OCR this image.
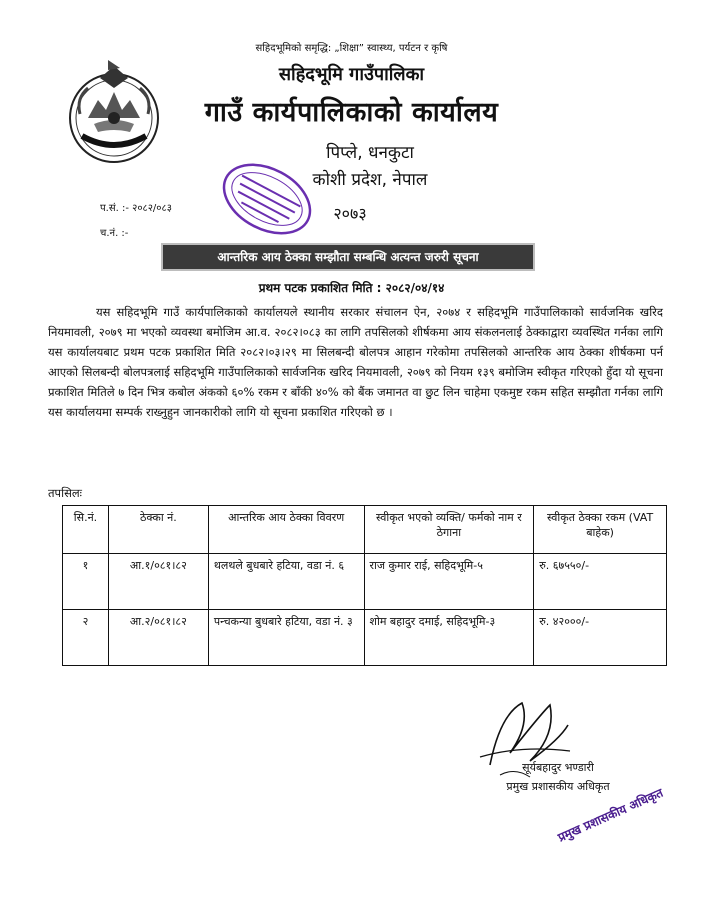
सहिदभूमिको समृद्धि: „शिक्षा” स्वास्थ्य, पर्यटन र कृषि
सहिदभूमि गाउँपालिका
गाउँ कार्यपालिकाको कार्यालय
पिप्ले, धनकुटा
कोशी प्रदेश, नेपाल
२०७३
प.सं. :- २०८२/०८३
च.नं. :-
आन्तरिक आय ठेक्का सम्झौता सम्बन्धि अत्यन्त जरुरी सूचना
प्रथम पटक प्रकाशित मिति : २०८२/०४/१४

यस सहिदभूमि गाउँ कार्यपालिकाको कार्यालयले स्थानीय सरकार संचालन ऐन, २०७४ र सहिदभूमि गाउँपालिकाको सार्वजनिक खरिद नियमावली, २०७९ मा भएको व्यवस्था बमोजिम आ.व. २०८२।०८३ का लागि तपसिलको शीर्षकमा आय संकलनलाई ठेक्काद्वारा व्यवस्थित गर्नका लागि यस कार्यालयबाट प्रथम पटक प्रकाशित मिति २०८२।०३।२९ मा सिलबन्दी बोलपत्र आहान गरेकोमा तपसिलको आन्तरिक आय ठेक्का शीर्षकमा पर्न आएको सिलबन्दी बोलपत्रलाई सहिदभूमि गाउँपालिकाको सार्वजनिक खरिद नियमावली, २०७९ को नियम १३९ बमोजिम स्वीकृत गरिएको हुँदा यो सूचना प्रकाशित मितिले ७ दिन भित्र कबोल अंकको ६०% रकम र बाँकी ४०% को बैंक जमानत वा छुट लिन चाहेमा एकमुष्ट रकम सहित सम्झौता गर्नका लागि यस कार्यालयमा सम्पर्क राख्नुहुन जानकारीको लागि यो सूचना प्रकाशित गरिएको छ ।

तपसिलः
सि.नं.	ठेक्का नं.	आन्तरिक आय ठेक्का विवरण	स्वीकृत भएको व्यक्ति/ फर्मको नाम र ठेगाना	स्वीकृत ठेक्का रकम (VAT बाहेक)
१	आ.१/०८१।८२	थलथले बुधबारे हटिया, वडा नं. ६	राज कुमार राई, सहिदभूमि-५	रु. ६७५५०/-
२	आ.२/०८१।८२	पन्चकन्या बुधबारे हटिया, वडा नं. ३	शोम बहादुर दमाई, सहिदभूमि-३	रु. ४२०००/-
सूर्यबहादुर भण्डारी
प्रमुख प्रशासकीय अधिकृत
प्रमुख प्रशासकीय अधिकृत
